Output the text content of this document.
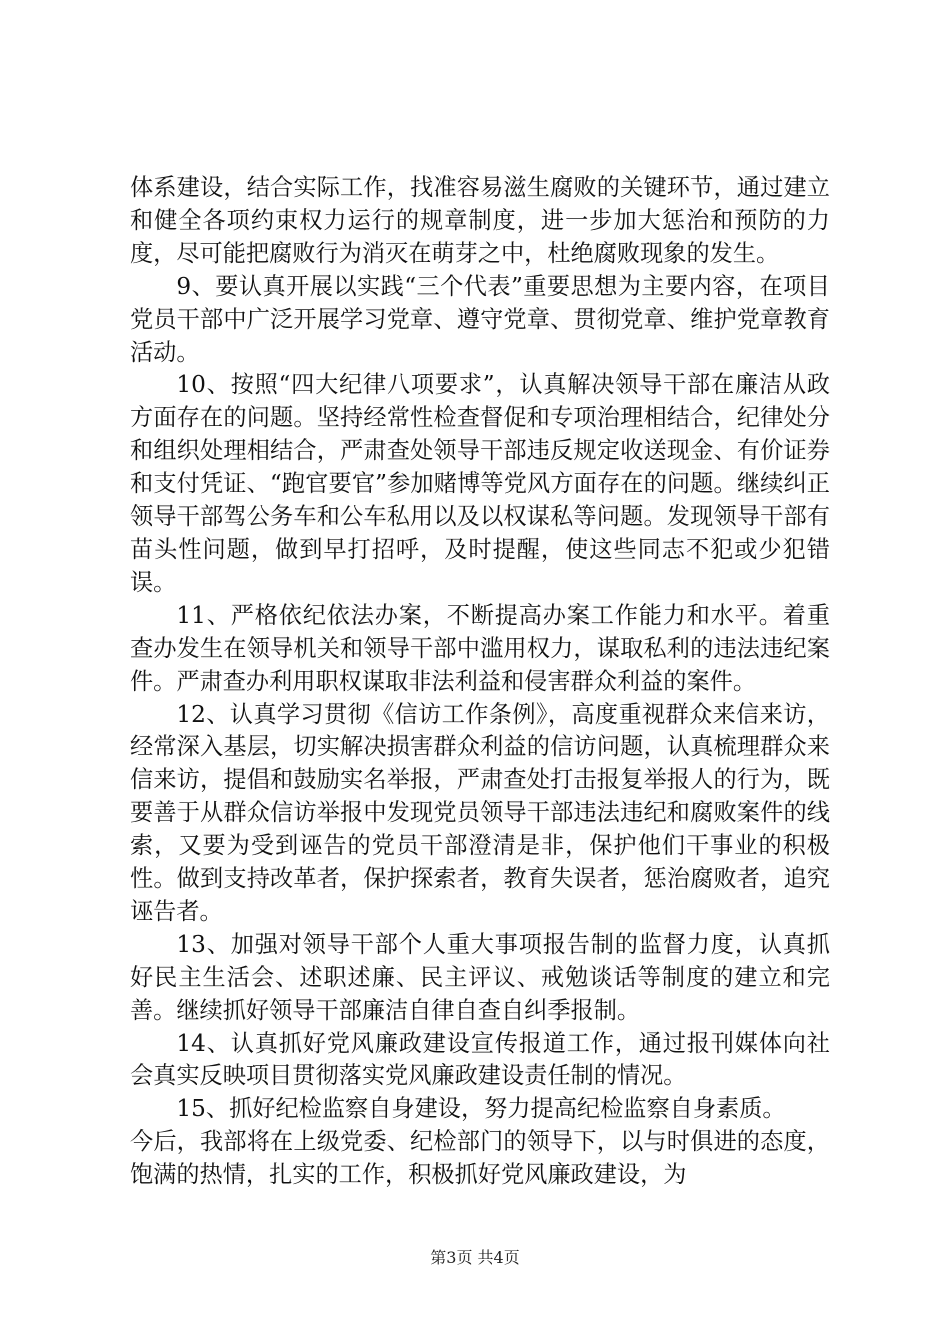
体系建设，结合实际工作，找准容易滋生腐败的关键环节，通过建立和健全各项约束权力运行的规章制度，进一步加大惩治和预防的力度，尽可能把腐败行为消灭在萌芽之中，杜绝腐败现象的发生。

9、要认真开展以实践“三个代表”重要思想为主要内容，在项目党员干部中广泛开展学习党章、遵守党章、贯彻党章、维护党章教育活动。

10、按照“四大纪律八项要求”，认真解决领导干部在廉洁从政方面存在的问题。坚持经常性检查督促和专项治理相结合，纪律处分和组织处理相结合，严肃查处领导干部违反规定收送现金、有价证券和支付凭证、“跑官要官”参加赌博等党风方面存在的问题。继续纠正领导干部驾公务车和公车私用以及以权谋私等问题。发现领导干部有苗头性问题，做到早打招呼，及时提醒，使这些同志不犯或少犯错误。

11、严格依纪依法办案，不断提高办案工作能力和水平。着重查办发生在领导机关和领导干部中滥用权力，谋取私利的违法违纪案件。严肃查办利用职权谋取非法利益和侵害群众利益的案件。

12、认真学习贯彻《信访工作条例》，高度重视群众来信来访，经常深入基层，切实解决损害群众利益的信访问题，认真梳理群众来信来访，提倡和鼓励实名举报，严肃查处打击报复举报人的行为，既要善于从群众信访举报中发现党员领导干部违法违纪和腐败案件的线索，又要为受到诬告的党员干部澄清是非，保护他们干事业的积极性。做到支持改革者，保护探索者，教育失误者，惩治腐败者，追究诬告者。

13、加强对领导干部个人重大事项报告制的监督力度，认真抓好民主生活会、述职述廉、民主评议、戒勉谈话等制度的建立和完善。继续抓好领导干部廉洁自律自查自纠季报制。

14、认真抓好党风廉政建设宣传报道工作，通过报刊媒体向社会真实反映项目贯彻落实党风廉政建设责任制的情况。

15、抓好纪检监察自身建设，努力提高纪检监察自身素质。

今后，我部将在上级党委、纪检部门的领导下，以与时俱进的态度，饱满的热情，扎实的工作，积极抓好党风廉政建设，为

第3页 共4页
